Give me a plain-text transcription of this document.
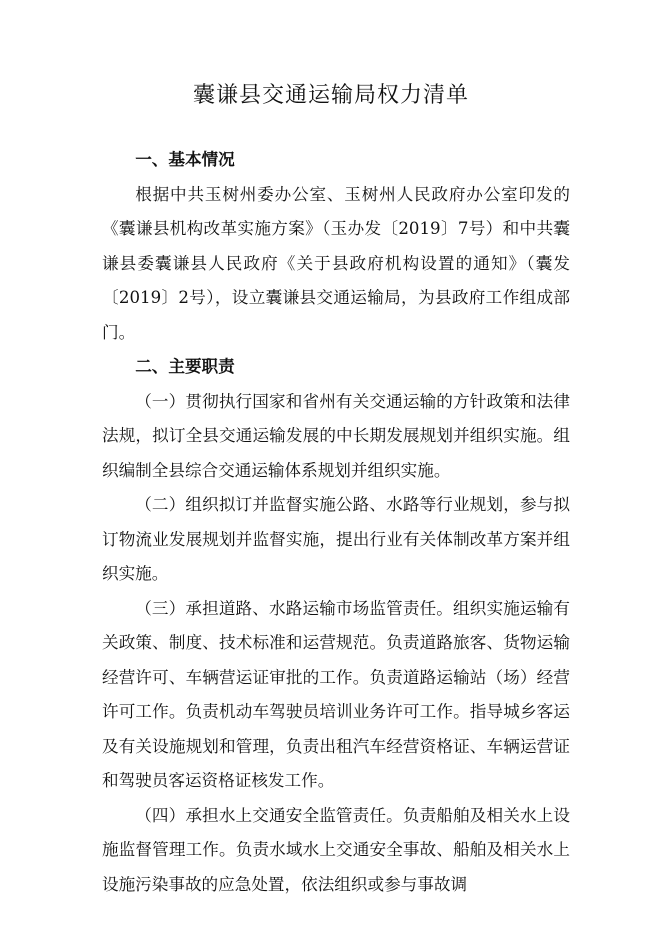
囊谦县交通运输局权力清单

一、基本情况

根据中共玉树州委办公室、玉树州人民政府办公室印发的《囊谦县机构改革实施方案》（玉办发〔2019〕7号）和中共囊谦县委囊谦县人民政府《关于县政府机构设置的通知》（囊发〔2019〕2号），设立囊谦县交通运输局，为县政府工作组成部门。

二、主要职责

（一）贯彻执行国家和省州有关交通运输的方针政策和法律法规，拟订全县交通运输发展的中长期发展规划并组织实施。组织编制全县综合交通运输体系规划并组织实施。

（二）组织拟订并监督实施公路、水路等行业规划，参与拟订物流业发展规划并监督实施，提出行业有关体制改革方案并组织实施。

（三）承担道路、水路运输市场监管责任。组织实施运输有关政策、制度、技术标准和运营规范。负责道路旅客、货物运输经营许可、车辆营运证审批的工作。负责道路运输站（场）经营许可工作。负责机动车驾驶员培训业务许可工作。指导城乡客运及有关设施规划和管理，负责出租汽车经营资格证、车辆运营证和驾驶员客运资格证核发工作。

（四）承担水上交通安全监管责任。负责船舶及相关水上设施监督管理工作。负责水域水上交通安全事故、船舶及相关水上设施污染事故的应急处置，依法组织或参与事故调
